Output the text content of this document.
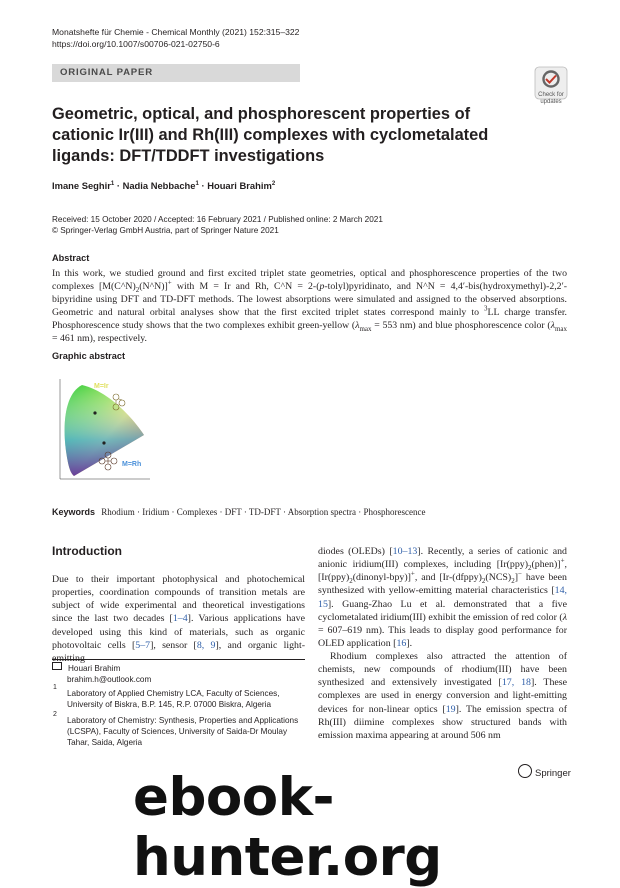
Monatshefte für Chemie - Chemical Monthly (2021) 152:315–322
https://doi.org/10.1007/s00706-021-02750-6
ORIGINAL PAPER
Check for
updates
Geometric, optical, and phosphorescent properties of cationic Ir(III) and Rh(III) complexes with cyclometalated ligands: DFT/TDDFT investigations
Imane Seghir$^1$ · Nadia Nebbache$^1$ · Houari Brahim$^2$
Received: 15 October 2020 / Accepted: 16 February 2021 / Published online: 2 March 2021
© Springer-Verlag GmbH Austria, part of Springer Nature 2021
Abstract
In this work, we studied ground and first excited triplet state geometries, optical and phosphorescence properties of the two complexes $[M(C\^{}N)_2(N\^{}N)]^+$ with M = Ir and Rh, C^N = 2-(p-tolyl)pyridinato, and N^N = 4,4′-bis(hydroxymethyl)-2,2′-bipyridine using DFT and TD-DFT methods. The lowest absorptions were simulated and assigned to the observed absorptions. Geometric and natural orbital analyses show that the first excited triplet states correspond mainly to $^3$LL charge transfer. Phosphorescence study shows that the two complexes exhibit green-yellow ($\lambda_{max} = 553$ nm) and blue phosphorescence color ($\lambda_{max} = 461$ nm), respectively.
Graphic abstract
M=Ir
M=Rh
Keywords Rhodium · Iridium · Complexes · DFT · TD-DFT · Absorption spectra · Phosphorescence
Introduction
Due to their important photophysical and photochemical properties, coordination compounds of transition metals are subject of wide experimental and theoretical investigations since the last two decades [1–4]. Various applications have developed using this kind of materials, such as organic photovoltaic cells [5–7], sensor [8, 9], and organic light-emitting
Houari Brahim
brahim.h@outlook.com
1
Laboratory of Applied Chemistry LCA, Faculty of Sciences, University of Biskra, B.P. 145, R.P. 07000 Biskra, Algeria
2
Laboratory of Chemistry: Synthesis, Properties and Applications (LCSPA), Faculty of Sciences, University of Saida-Dr Moulay Tahar, Saida, Algeria
diodes (OLEDs) [10–13]. Recently, a series of cationic and anionic iridium(III) complexes, including $[Ir(ppy)_2(phen)]^+$, $[Ir(ppy)_2(dinonyl-bpy)]^+$, and $[Ir-(dfppy)_2(NCS)_2]^-$ have been synthesized with yellow-emitting material characteristics [14, 15]. Guang-Zhao Lu et al. demonstrated that a five cyclometalated iridium(III) exhibit the emission of red color (λ = 607–619 nm). This leads to display good performance for OLED application [16].
Rhodium complexes also attracted the attention of chemists, new compounds of rhodium(III) have been synthesized and extensively investigated [17, 18]. These complexes are used in energy conversion and light-emitting devices for non-linear optics [19]. The emission spectra of Rh(III) diimine complexes show structured bands with emission maxima appearing at around 506 nm
Springer
ebook-hunter.org
